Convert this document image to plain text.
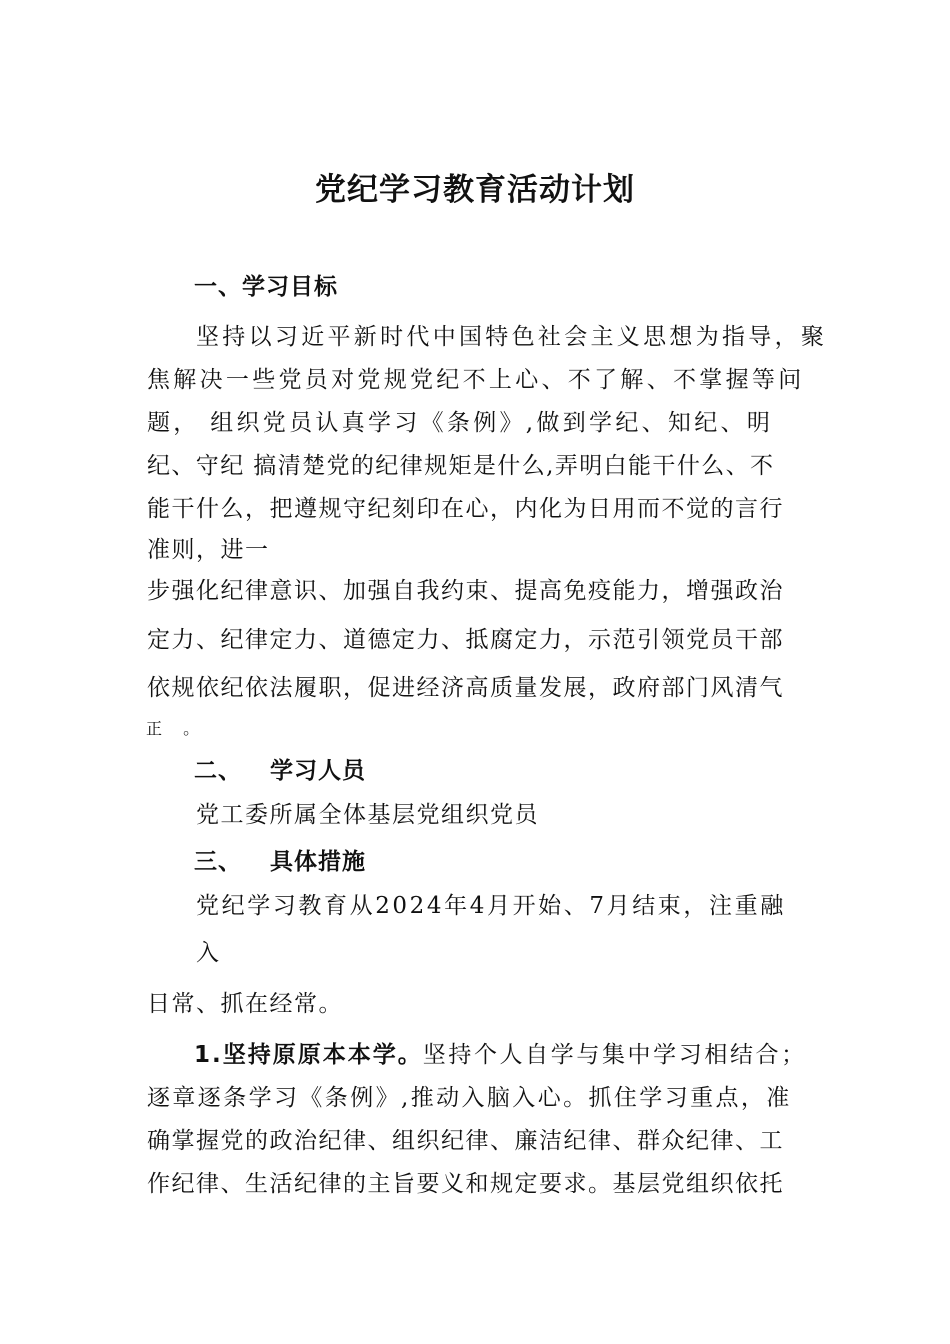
党纪学习教育活动计划
一、学习目标
坚持以习近平新时代中国特色社会主义思想为指导，聚
焦解决一些党员对党规党纪不上心、不了解、不掌握等问
题， 组织党员认真学习《条例》,做到学纪、知纪、明
纪、守纪 搞清楚党的纪律规矩是什么,弄明白能干什么、不
能干什么，把遵规守纪刻印在心，内化为日用而不觉的言行
准则，进一
步强化纪律意识、加强自我约束、提高免疫能力，增强政治
定力、纪律定力、道德定力、抵腐定力，示范引领党员干部
依规依纪依法履职，促进经济高质量发展，政府部门风清气
正 。
二、 学习人员
党工委所属全体基层党组织党员
三、 具体措施
党纪学习教育从2024年4月开始、7月结束，注重融
入
日常、抓在经常。
1.坚持原原本本学。坚持个人自学与集中学习相结合；
逐章逐条学习《条例》,推动入脑入心。抓住学习重点，准
确掌握党的政治纪律、组织纪律、廉洁纪律、群众纪律、工
作纪律、生活纪律的主旨要义和规定要求。基层党组织依托
